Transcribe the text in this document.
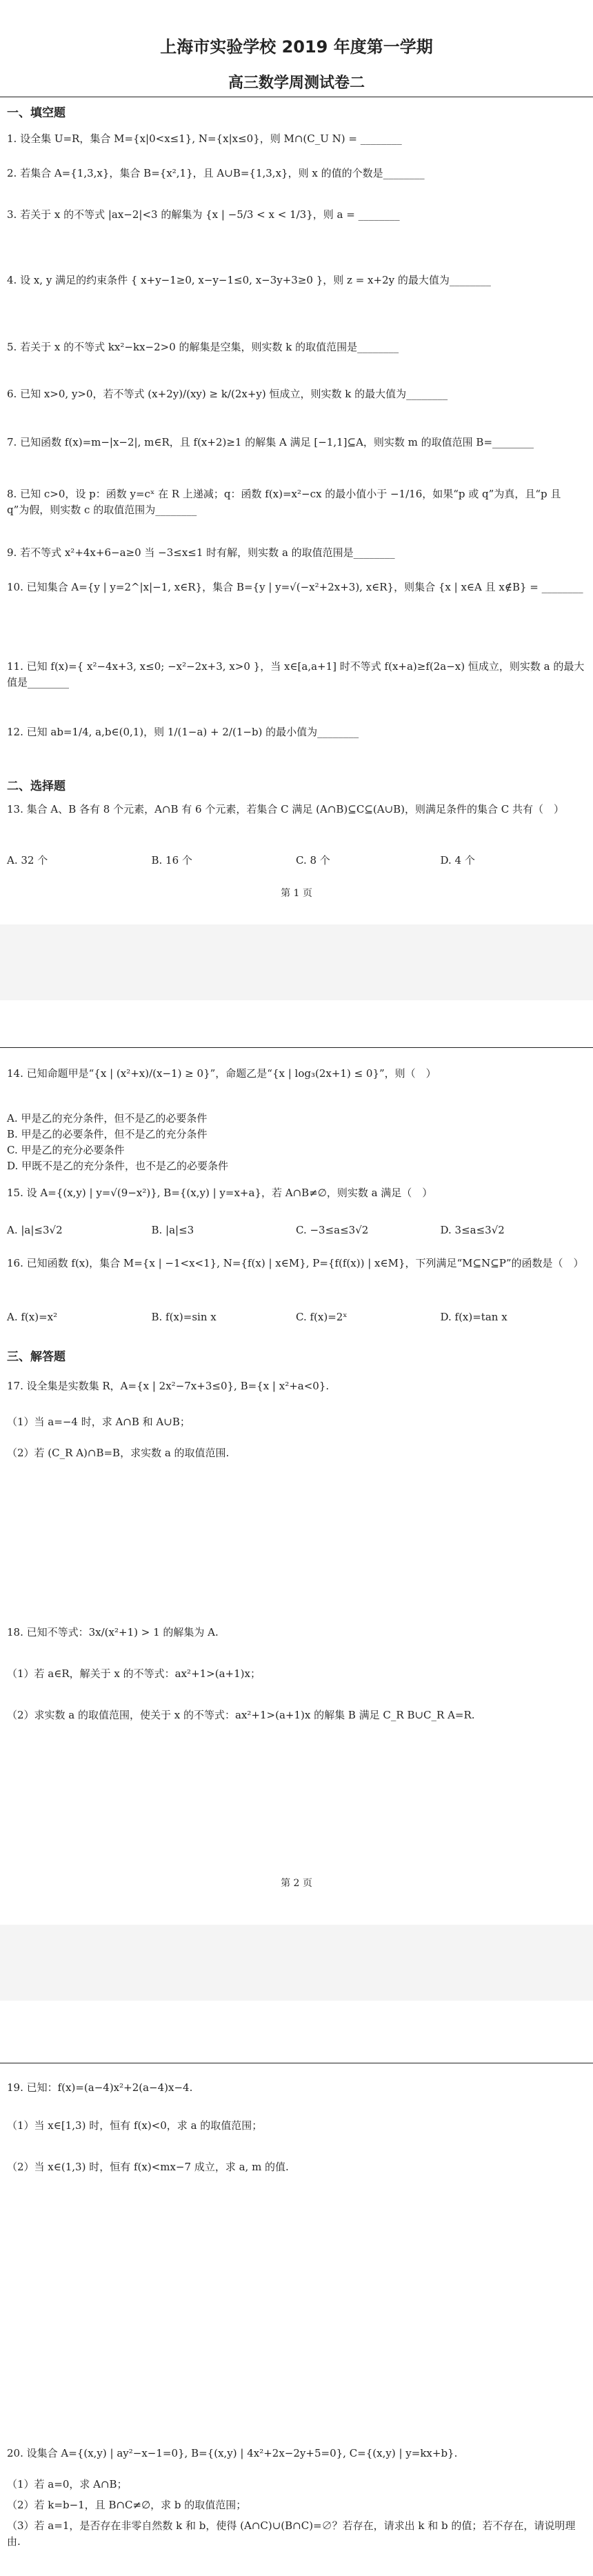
上海市实验学校 2019 年度第一学期
高三数学周测试卷二
一、填空题
1. 设全集 U=R，集合 M={x|0<x≤1}, N={x|x≤0}，则 M∩(C_U N) = ________
2. 若集合 A={1,3,x}，集合 B={x²,1}，且 A∪B={1,3,x}，则 x 的值的个数是________
3. 若关于 x 的不等式 |ax−2|<3 的解集为 {x | −5/3 < x < 1/3}，则 a = ________
4. 设 x, y 满足的约束条件 { x+y−1≥0, x−y−1≤0, x−3y+3≥0 }，则 z = x+2y 的最大值为________
5. 若关于 x 的不等式 kx²−kx−2>0 的解集是空集，则实数 k 的取值范围是________
6. 已知 x>0, y>0，若不等式 (x+2y)/(xy) ≥ k/(2x+y) 恒成立，则实数 k 的最大值为________
7. 已知函数 f(x)=m−|x−2|, m∈R，且 f(x+2)≥1 的解集 A 满足 [−1,1]⊆A，则实数 m 的取值范围 B=________
8. 已知 c>0，设 p：函数 y=cˣ 在 R 上递减；q：函数 f(x)=x²−cx 的最小值小于 −1/16，如果“p 或 q”为真，且“p 且 q”为假，则实数 c 的取值范围为________
9. 若不等式 x²+4x+6−a≥0 当 −3≤x≤1 时有解，则实数 a 的取值范围是________
10. 已知集合 A={y | y=2^|x|−1, x∈R}，集合 B={y | y=√(−x²+2x+3), x∈R}，则集合 {x | x∈A 且 x∉B} = ________
11. 已知 f(x)={ x²−4x+3, x≤0; −x²−2x+3, x>0 }，当 x∈[a,a+1] 时不等式 f(x+a)≥f(2a−x) 恒成立，则实数 a 的最大值是________
12. 已知 ab=1/4, a,b∈(0,1)，则 1/(1−a) + 2/(1−b) 的最小值为________
二、选择题
13. 集合 A、B 各有 8 个元素，A∩B 有 6 个元素，若集合 C 满足 (A∩B)⊆C⊆(A∪B)，则满足条件的集合 C 共有（　）
A. 32 个	B. 16 个	C. 8 个	D. 4 个
第 1 页
14. 已知命题甲是“{x | (x²+x)/(x−1) ≥ 0}”，命题乙是“{x | log₃(2x+1) ≤ 0}”，则（　）
A. 甲是乙的充分条件，但不是乙的必要条件
B. 甲是乙的必要条件，但不是乙的充分条件
C. 甲是乙的充分必要条件
D. 甲既不是乙的充分条件，也不是乙的必要条件
15. 设 A={(x,y) | y=√(9−x²)}, B={(x,y) | y=x+a}，若 A∩B≠∅，则实数 a 满足（　）
A. |a|≤3√2	B. |a|≤3	C. −3≤a≤3√2	D. 3≤a≤3√2
16. 已知函数 f(x)，集合 M={x | −1<x<1}, N={f(x) | x∈M}, P={f(f(x)) | x∈M}，下列满足“M⊆N⊆P”的函数是（　）
A. f(x)=x²	B. f(x)=sin x	C. f(x)=2ˣ	D. f(x)=tan x
三、解答题
17. 设全集是实数集 R，A={x | 2x²−7x+3≤0}, B={x | x²+a<0}.
（1）当 a=−4 时，求 A∩B 和 A∪B；
（2）若 (C_R A)∩B=B，求实数 a 的取值范围.
18. 已知不等式：3x/(x²+1) > 1 的解集为 A.
（1）若 a∈R，解关于 x 的不等式：ax²+1>(a+1)x；
（2）求实数 a 的取值范围，使关于 x 的不等式：ax²+1>(a+1)x 的解集 B 满足 C_R B∪C_R A=R.
第 2 页
19. 已知：f(x)=(a−4)x²+2(a−4)x−4.
（1）当 x∈[1,3) 时，恒有 f(x)<0，求 a 的取值范围；
（2）当 x∈(1,3) 时，恒有 f(x)<mx−7 成立，求 a, m 的值.
20. 设集合 A={(x,y) | ay²−x−1=0}, B={(x,y) | 4x²+2x−2y+5=0}, C={(x,y) | y=kx+b}.
（1）若 a=0，求 A∩B；
（2）若 k=b−1，且 B∩C≠∅，求 b 的取值范围；
（3）若 a=1，是否存在非零自然数 k 和 b，使得 (A∩C)∪(B∩C)=∅？若存在，请求出 k 和 b 的值；若不存在，请说明理由.
